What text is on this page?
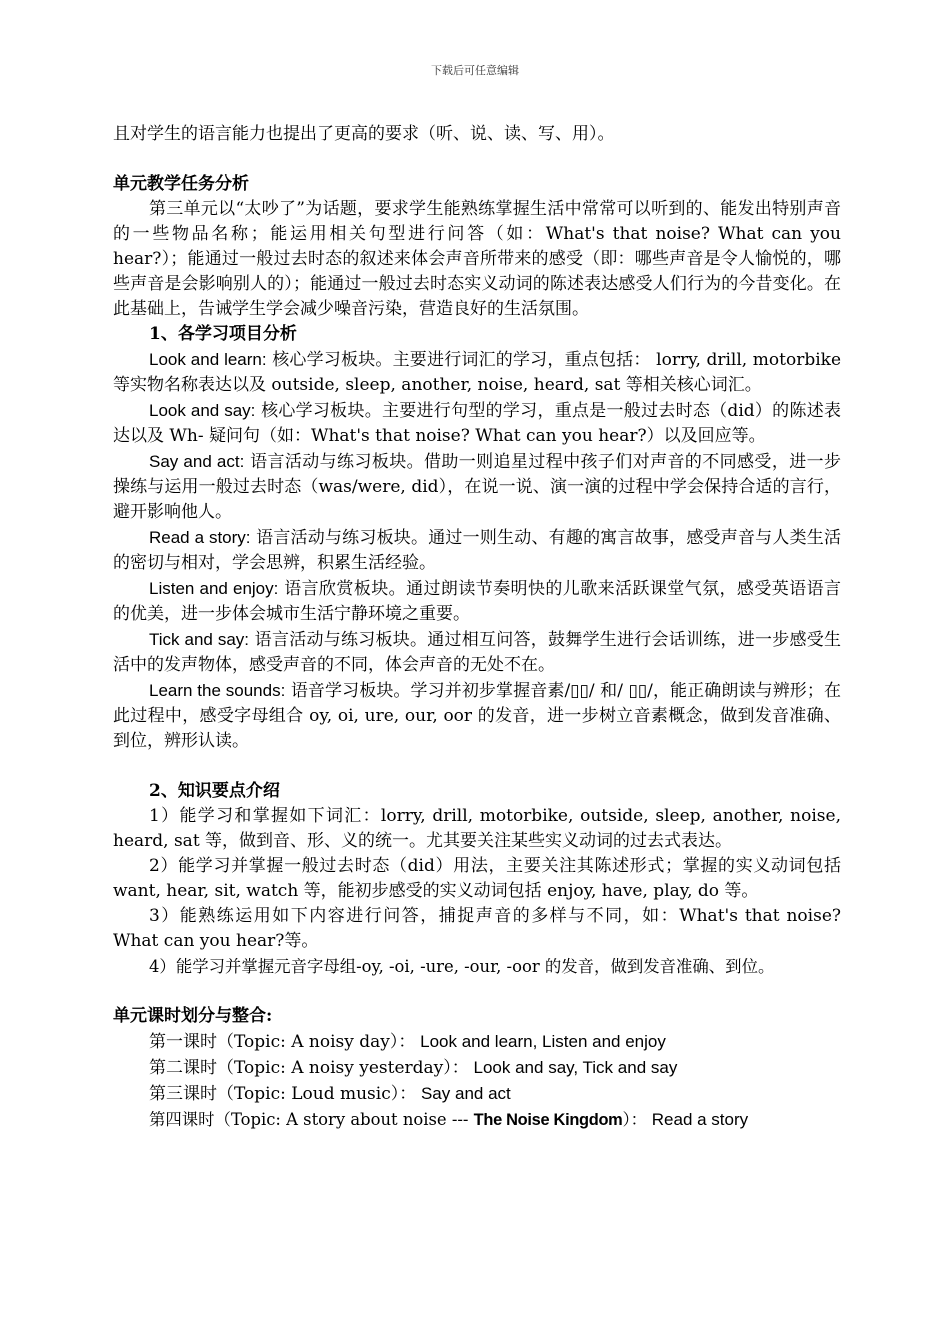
下载后可任意编辑

且对学生的语言能力也提出了更高的要求（听、说、读、写、用）。

单元教学任务分析

第三单元以“太吵了”为话题，要求学生能熟练掌握生活中常常可以听到的、能发出特别声音的一些物品名称；能运用相关句型进行问答（如：What's that noise? What can you hear?）；能通过一般过去时态的叙述来体会声音所带来的感受（即：哪些声音是令人愉悦的，哪些声音是会影响别人的）；能通过一般过去时态实义动词的陈述表达感受人们行为的今昔变化。在此基础上，告诫学生学会减少噪音污染，营造良好的生活氛围。

1、各学习项目分析

Look and learn: 核心学习板块。主要进行词汇的学习，重点包括： lorry, drill, motorbike 等实物名称表达以及 outside, sleep, another, noise, heard, sat 等相关核心词汇。

Look and say: 核心学习板块。主要进行句型的学习，重点是一般过去时态（did）的陈述表达以及 Wh- 疑问句（如：What's that noise? What can you hear?）以及回应等。

Say and act: 语言活动与练习板块。借助一则追星过程中孩子们对声音的不同感受，进一步操练与运用一般过去时态（was/were, did），在说一说、演一演的过程中学会保持合适的言行，避开影响他人。

Read a story: 语言活动与练习板块。通过一则生动、有趣的寓言故事，感受声音与人类生活的密切与相对，学会思辨，积累生活经验。

Listen and enjoy: 语言欣赏板块。通过朗读节奏明快的儿歌来活跃课堂气氛，感受英语语言的优美，进一步体会城市生活宁静环境之重要。

Tick and say: 语言活动与练习板块。通过相互问答，鼓舞学生进行会话训练，进一步感受生活中的发声物体，感受声音的不同，体会声音的无处不在。

Learn the sounds: 语音学习板块。学习并初步掌握音素/▯▯/ 和/ ▯▯/，能正确朗读与辨形；在此过程中，感受字母组合 oy, oi, ure, our, oor 的发音，进一步树立音素概念，做到发音准确、到位，辨形认读。

2、知识要点介绍

1）能学习和掌握如下词汇：lorry, drill, motorbike, outside, sleep, another, noise, heard, sat 等，做到音、形、义的统一。尤其要关注某些实义动词的过去式表达。

2）能学习并掌握一般过去时态（did）用法，主要关注其陈述形式；掌握的实义动词包括 want, hear, sit, watch 等，能初步感受的实义动词包括 enjoy, have, play, do 等。

3）能熟练运用如下内容进行问答，捕捉声音的多样与不同，如：What's that noise? What can you hear?等。

4）能学习并掌握元音字母组-oy, -oi, -ure, -our, -oor 的发音，做到发音准确、到位。

单元课时划分与整合:

第一课时（Topic: A noisy day）： Look and learn, Listen and enjoy

第二课时（Topic: A noisy yesterday）： Look and say, Tick and say

第三课时（Topic: Loud music）： Say and act

第四课时（Topic: A story about noise --- The Noise Kingdom）： Read a story
